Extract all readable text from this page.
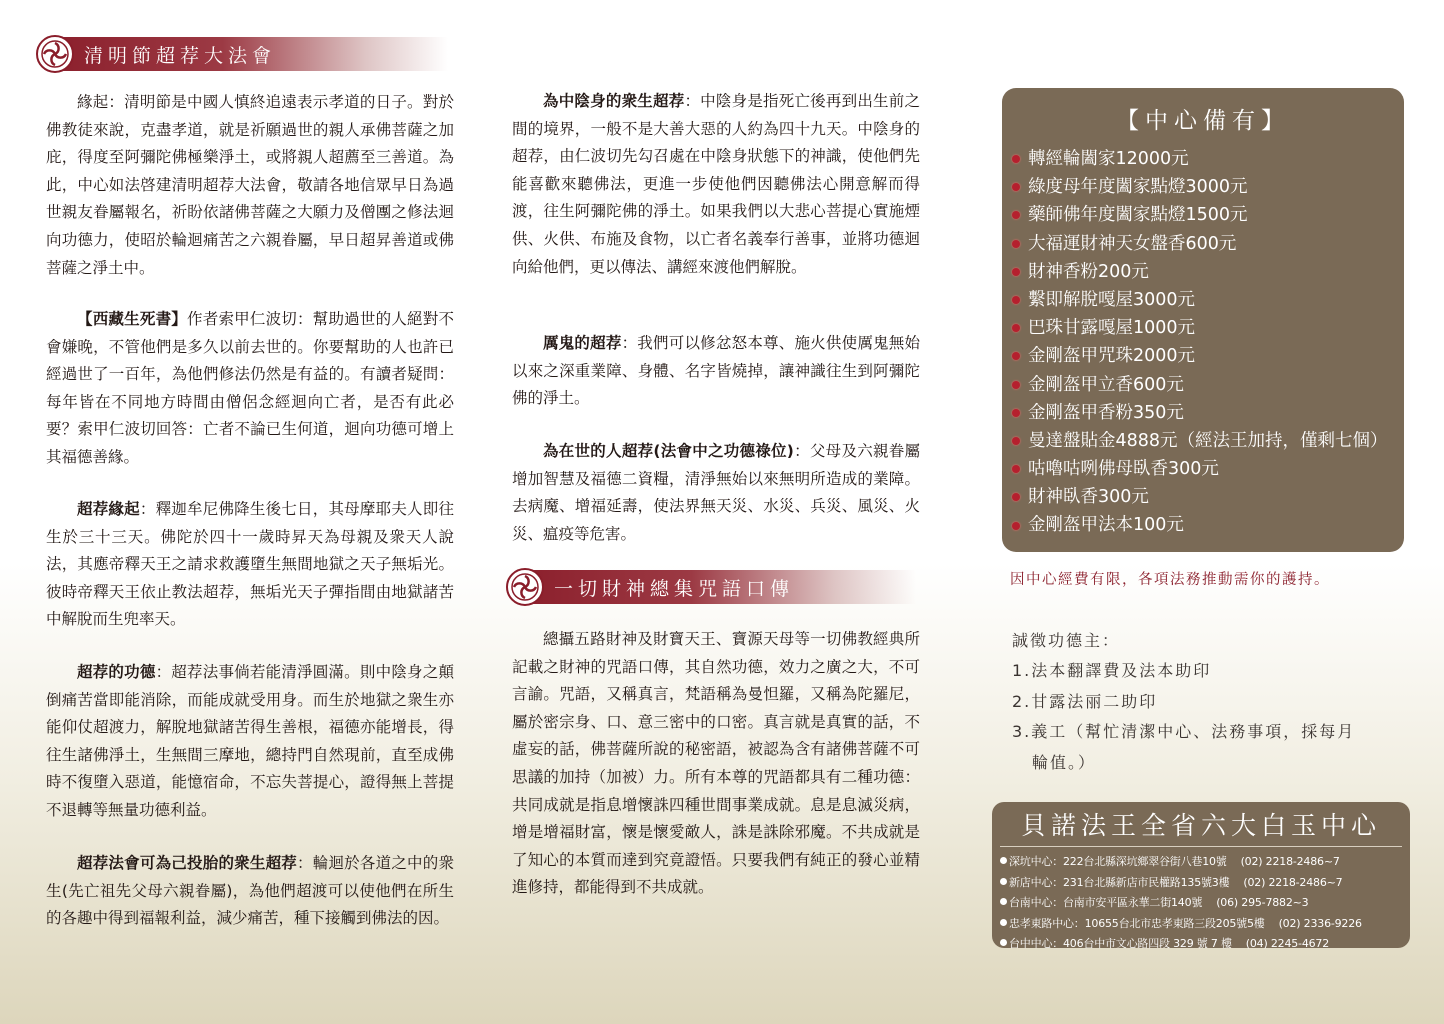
清明節超荐大法會

緣起：清明節是中國人慎終追遠表示孝道的日子。對於佛教徒來說，克盡孝道，就是祈願過世的親人承佛菩薩之加庇，得度至阿彌陀佛極樂淨土，或將親人超薦至三善道。為此，中心如法啓建清明超荐大法會，敬請各地信眾早日為過世親友眷屬報名，祈盼依諸佛菩薩之大願力及僧團之修法迴向功德力，使昭於輪迴痛苦之六親眷屬，早日超昇善道或佛菩薩之淨土中。

【西藏生死書】作者索甲仁波切：幫助過世的人絕對不會嫌晚，不管他們是多久以前去世的。你要幫助的人也許已經過世了一百年，為他們修法仍然是有益的。有讀者疑問：每年皆在不同地方時間由僧侶念經迴向亡者，是否有此必要？索甲仁波切回答：亡者不論已生何道，迴向功德可增上其福德善緣。

超荐緣起：釋迦牟尼佛降生後七日，其母摩耶夫人即往生於三十三天。佛陀於四十一歲時昇天為母親及衆天人說法，其應帝釋天王之請求救護墮生無間地獄之天子無垢光。彼時帝釋天王依止教法超荐，無垢光天子彈指間由地獄諸苦中解脫而生兜率天。

超荐的功德：超荐法事倘若能清淨圓滿。則中陰身之顛倒痛苦當即能消除，而能成就受用身。而生於地獄之衆生亦能仰仗超渡力，解脫地獄諸苦得生善根，福德亦能增長，得往生諸佛淨土，生無間三摩地，總持門自然現前，直至成佛時不復墮入惡道，能憶宿命，不忘失菩提心，證得無上菩提不退轉等無量功德利益。

超荐法會可為己投胎的衆生超荐：輪迴於各道之中的衆生(先亡祖先父母六親眷屬)，為他們超渡可以使他們在所生的各趣中得到福報利益，減少痛苦，種下接觸到佛法的因。

為中陰身的衆生超荐：中陰身是指死亡後再到出生前之間的境界，一般不是大善大惡的人約為四十九天。中陰身的超荐，由仁波切先勾召處在中陰身狀態下的神識，使他們先能喜歡來聽佛法，更進一步使他們因聽佛法心開意解而得渡，往生阿彌陀佛的淨土。如果我們以大悲心菩提心實施煙供、火供、布施及食物，以亡者名義奉行善事，並將功德迴向給他們，更以傳法、講經來渡他們解脫。

厲鬼的超荐：我們可以修忿怒本尊、施火供使厲鬼無始以來之深重業障、身體、名字皆燒掉，讓神識往生到阿彌陀佛的淨土。

為在世的人超荐(法會中之功德祿位)：父母及六親眷屬增加智慧及福德二資糧，清淨無始以來無明所造成的業障。去病魔、增福延壽，使法界無天災、水災、兵災、風災、火災、瘟疫等危害。

一切財神總集咒語口傳

總攝五路財神及財寶天王、寶源天母等一切佛教經典所記載之財神的咒語口傳，其自然功德，效力之廣之大，不可言諭。咒語，又稱真言，梵語稱為曼怛羅，又稱為陀羅尼，屬於密宗身、口、意三密中的口密。真言就是真實的話，不虛妄的話，佛菩薩所說的秘密語，被認為含有諸佛菩薩不可思議的加持（加被）力。所有本尊的咒語都具有二種功德：共同成就是指息增懷誅四種世間事業成就。息是息滅災病，增是增福財富，懷是懷愛敵人，誅是誅除邪魔。不共成就是了知心的本質而達到究竟證悟。只要我們有純正的發心並精進修持，都能得到不共成就。

【中心備有】

轉經輪闔家12000元
綠度母年度闔家點燈3000元
藥師佛年度闔家點燈1500元
大福運財神天女盤香600元
財神香粉200元
繫即解脫嘎屋3000元
巴珠甘露嘎屋1000元
金剛盔甲咒珠2000元
金剛盔甲立香600元
金剛盔甲香粉350元
曼達盤貼金4888元（經法王加持，僅剩七個）
咕嚕咕咧佛母臥香300元
財神臥香300元
金剛盔甲法本100元
因中心經費有限，各項法務推動需你的護持。
誠徵功德主：
1.法本翻譯費及法本助印
2.甘露法丽二助印
3.義工（幫忙清潔中心、法務事項，採每月
輪值。）

貝諾法王全省六大白玉中心

深坑中心：222台北縣深坑鄉翠谷街八巷10號 (02) 2218-2486~7
新店中心：231台北縣新店市民權路135號3樓 (02) 2218-2486~7
台南中心：台南市安平區永華二街140號 (06) 295-7882~3
忠孝東路中心：10655台北市忠孝東路三段205號5樓 (02) 2336-9226
台中中心：406台中市文心路四段 329 號 7 樓 (04) 2245-4672
